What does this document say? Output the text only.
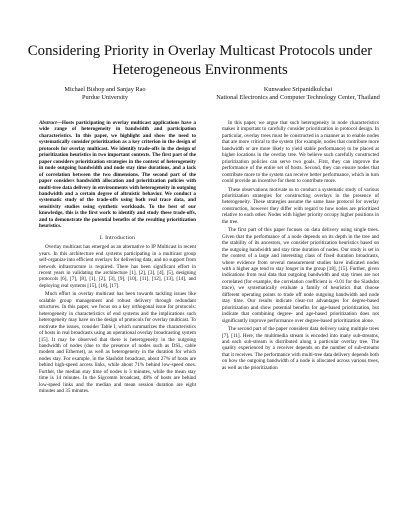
Considering Priority in Overlay Multicast Protocols under Heterogeneous Environments
Michael Bishop and Sanjay Rao
Purdue University
Kunwadee Sripanidkulchai
National Electronics and Computer Technology Center, Thailand
Abstract—Hosts participating in overlay multicast applications have a wide range of heterogeneity in bandwidth and participation characteristics. In this paper, we highlight and show the need to systematically consider prioritization as a key criterion in the design of protocols for overlay multicast. We identify trade-offs in the design of prioritization heuristics in two important contexts. The first part of the paper considers prioritization strategies in the context of heterogeneity in node outgoing bandwidth and node stay time durations, and a lack of correlation between the two dimensions. The second part of the paper considers bandwidth allocation and prioritization policies with multi-tree data delivery in environments with heterogeneity in outgoing bandwidth and a certain degree of altruistic behavior. We conduct a systematic study of the trade-offs using both real trace data, and sensitivity studies using synthetic workloads. To the best of our knowledge, this is the first work to identify and study these trade-offs, and to demonstrate the potential benefits of the resulting prioritization heuristics.
I. Introduction

Overlay multicast has emerged as an alternative to IP Multicast in recent years. In this architecture end systems participating in a multicast group self-organize into efficient overlays for delivering data, and no support from network infrastructure is required. There has been significant effort in recent years in validating the architecture [1], [2], [3], [4], [5], designing protocols [6], [7], [8], [1], [2], [3], [9], [10], [11], [12], [13], [14], and deploying real systems [15], [16], [17].

Much effort in overlay multicast has been towards tackling issues like scalable group management and robust delivery through redundant structures. In this paper, we focus on a key orthogonal issue for protocols: heterogeneity in characteristics of end systems and the implications such heterogeneity may have on the design of protocols for overlay multicast. To motivate the issues, consider Table I, which summarizes the characteristics of hosts in real broadcasts using an operational overlay broadcasting system [15]. It may be observed that there is heterogeneity in the outgoing bandwidth of nodes (due to the presence of nodes such as DSL, cable modem and Ethernet), as well as heterogeneity in the duration for which nodes stay. For example, in the Slashdot broadcast, about 27% of hosts are behind high-speed access links, while about 71% behind low-speed ones. Further, the median stay time of nodes is 3 minutes, while the mean stay time is 14 minutes. In the Sigcomm broadcast, 48% of hosts are behind low-speed links and the median and mean session duration are eight minutes and 35 minutes.

In this paper, we argue that such heterogeneity in node characteristics makes it important to carefully consider prioritization in protocol design. In particular, overlay trees must be constructed in a manner as to enable nodes that are more critical to the system (for example, nodes that contribute more bandwidth or are more likely to yield stable performance) to be placed at higher locations in the overlay tree. We believe such carefully constructed prioritization policies can serve two goals. First, they can improve the performance of the entire set of hosts. Second, they can ensure nodes that contribute more to the system can receive better performance, which in turn could provide an incentive for them to contribute more.

These observations motivate us to conduct a systematic study of various prioritization strategies for constructing overlays in the presence of heterogeneity. These strategies assume the same base protocol for overlay construction, however they differ with regard to how nodes are prioritized relative to each other. Nodes with higher priority occupy higher positions in the tree.

The first part of this paper focuses on data delivery using single trees. Given that the performance of a node depends on its depth in the tree and the stability of its ancestors, we consider prioritization heuristics based on the outgoing bandwidth and stay time duration of nodes. Our study is set in the context of a large and interesting class of fixed duration broadcasts, where evidence from several measurement studies have indicated nodes with a higher age tend to stay longer in the group [18], [15]. Further, given indications from real data that outgoing bandwidth and stay times are not correlated (for example, the correlation coefficient is -0.01 for the Slashdot trace), we systematically evaluate a family of heuristics that choose different operating points to trade off node outgoing bandwidth and node stay time. Our results indicate clear-cut advantages for degree-based prioritization and show potential benefits for age-based prioritization, but indicate that combining degree- and age-based prioritization does not significantly improve performance over degree-based prioritization alone.

The second part of the paper considers data delivery using multiple trees [7], [11]. Here, the multimedia stream is encoded into many sub-streams, and each sub-stream is distributed along a particular overlay tree. The quality experienced by a receiver depends on the number of sub-streams that it receives. The performance with multi-tree data delivery depends both on how the outgoing bandwidth of a node is allocated across various trees, as well as the prioritization
